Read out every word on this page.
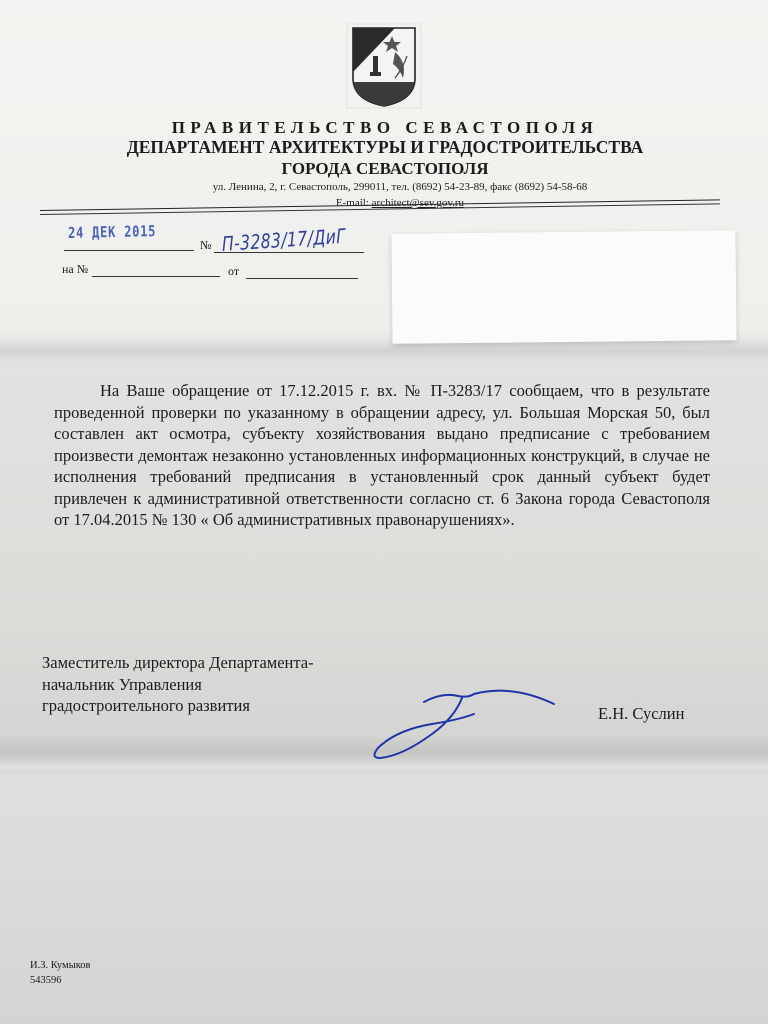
ПРАВИТЕЛЬСТВО СЕВАСТОПОЛЯ
ДЕПАРТАМЕНТ АРХИТЕКТУРЫ И ГРАДОСТРОИТЕЛЬСТВА
ГОРОДА СЕВАСТОПОЛЯ
ул. Ленина, 2, г. Севастополь, 299011, тел. (8692) 54-23-89, факс (8692) 54-58-68
E-mail: architect@sev.gov.ru
24 ДЕК 2015
№ П-3283/17/ДиГ
на №	от

На Ваше обращение от 17.12.2015 г. вх. № П-3283/17 сообщаем, что в результате проведенной проверки по указанному в обращении адресу, ул. Большая Морская 50, был составлен акт осмотра, субъекту хозяйствования выдано предписание с требованием произвести демонтаж незаконно установленных информационных конструкций, в случае не исполнения требований предписания в установленный срок данный субъект будет привлечен к административной ответственности согласно ст. 6 Закона города Севастополя от 17.04.2015 № 130 « Об административных правонарушениях».

Заместитель директора Департамента-
начальник Управления
градостроительного развития	Е.Н. Суслин
И.З. Кумыков
543596
